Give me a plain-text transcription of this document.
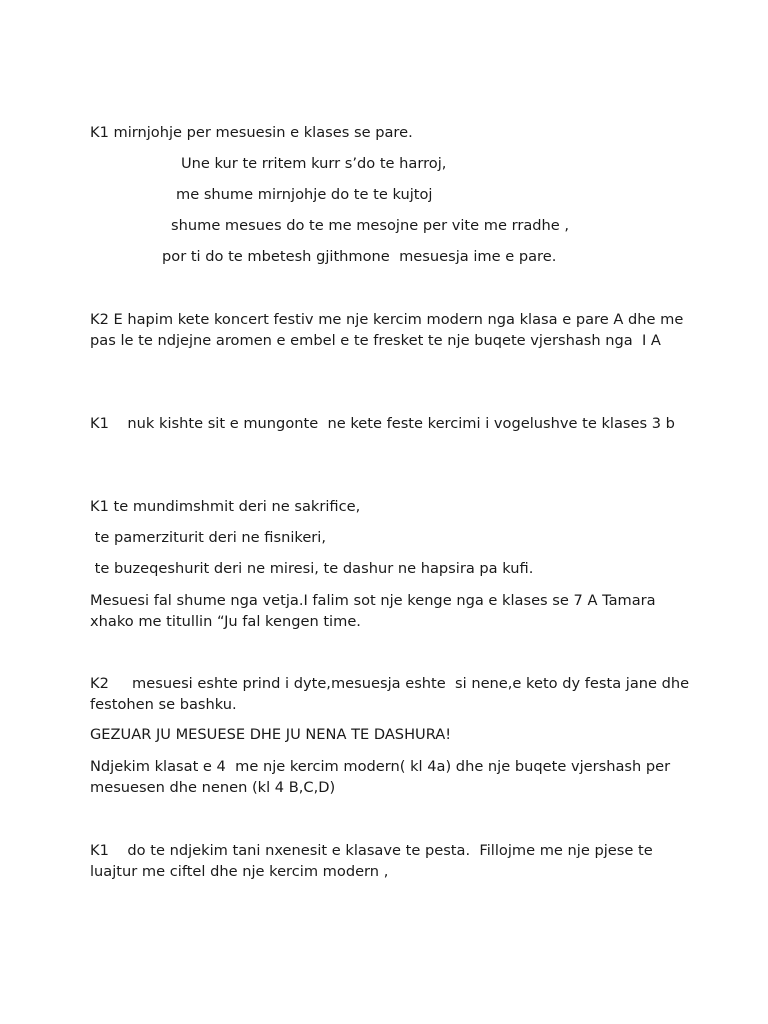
K1 mirnjohje per mesuesin e klases se pare.

Une kur te rritem kurr s’do te harroj,

me shume mirnjohje do te te kujtoj

shume mesues do te me mesojne per vite me rradhe ,

por ti do te mbetesh gjithmone  mesuesja ime e pare.

K2 E hapim kete koncert festiv me nje kercim modern nga klasa e pare A dhe me pas le te ndjejne aromen e embel e te fresket te nje buqete vjershash nga  I A

K1    nuk kishte sit e mungonte  ne kete feste kercimi i vogelushve te klases 3 b

K1 te mundimshmit deri ne sakrifice,

te pamerziturit deri ne fisnikeri,

te buzeqeshurit deri ne miresi, te dashur ne hapsira pa kufi.

Mesuesi fal shume nga vetja.I falim sot nje kenge nga e klases se 7 A Tamara xhako me titullin “Ju fal kengen time.

K2     mesuesi eshte prind i dyte,mesuesja eshte  si nene,e keto dy festa jane dhe festohen se bashku.

GEZUAR JU MESUESE DHE JU NENA TE DASHURA!

Ndjekim klasat e 4  me nje kercim modern( kl 4a) dhe nje buqete vjershash per mesuesen dhe nenen (kl 4 B,C,D)

K1    do te ndjekim tani nxenesit e klasave te pesta.  Fillojme me nje pjese te luajtur me ciftel dhe nje kercim modern ,
